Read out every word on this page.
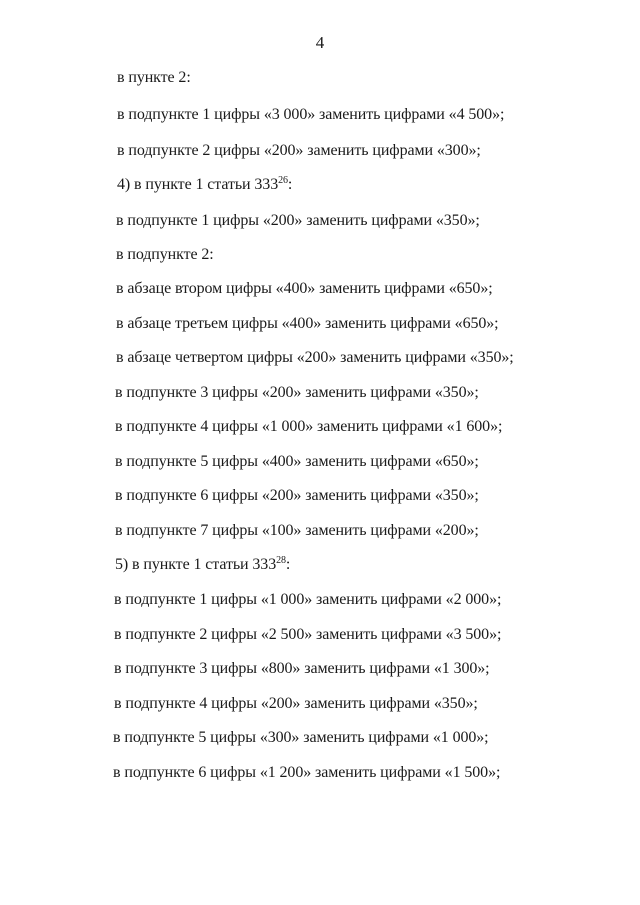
4
в пункте 2:
в подпункте 1 цифры «3 000» заменить цифрами «4 500»;
в подпункте 2 цифры «200» заменить цифрами «300»;
4) в пункте 1 статьи $333^{26}$:
в подпункте 1 цифры «200» заменить цифрами «350»;
в подпункте 2:
в абзаце втором цифры «400» заменить цифрами «650»;
в абзаце третьем цифры «400» заменить цифрами «650»;
в абзаце четвертом цифры «200» заменить цифрами «350»;
в подпункте 3 цифры «200» заменить цифрами «350»;
в подпункте 4 цифры «1 000» заменить цифрами «1 600»;
в подпункте 5 цифры «400» заменить цифрами «650»;
в подпункте 6 цифры «200» заменить цифрами «350»;
в подпункте 7 цифры «100» заменить цифрами «200»;
5) в пункте 1 статьи $333^{28}$:
в подпункте 1 цифры «1 000» заменить цифрами «2 000»;
в подпункте 2 цифры «2 500» заменить цифрами «3 500»;
в подпункте 3 цифры «800» заменить цифрами «1 300»;
в подпункте 4 цифры «200» заменить цифрами «350»;
в подпункте 5 цифры «300» заменить цифрами «1 000»;
в подпункте 6 цифры «1 200» заменить цифрами «1 500»;
